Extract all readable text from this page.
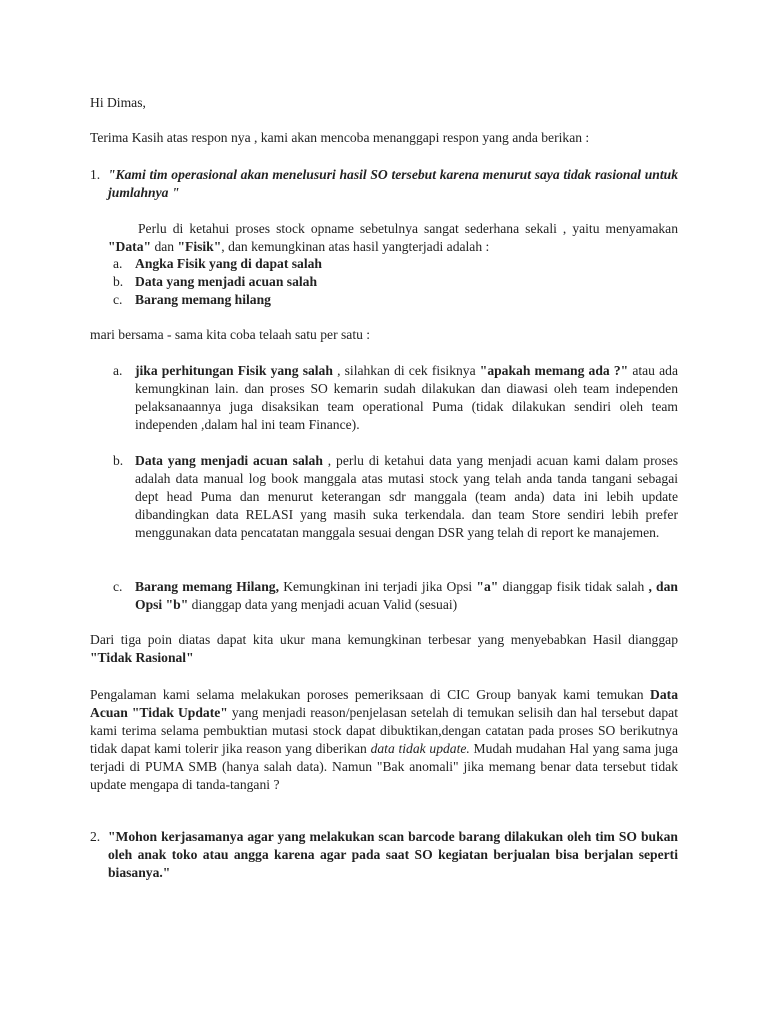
Hi Dimas,

Terima Kasih atas respon nya , kami akan mencoba menanggapi respon yang anda berikan :

1. "Kami tim operasional akan menelusuri hasil SO tersebut karena menurut saya tidak rasional untuk jumlahnya "

Perlu di ketahui proses stock opname sebetulnya sangat sederhana sekali , yaitu menyamakan "Data" dan "Fisik", dan kemungkinan atas hasil yangterjadi adalah :

a. Angka Fisik yang di dapat salah
b. Data yang menjadi acuan salah
c. Barang memang hilang

mari bersama - sama kita coba telaah satu per satu :

a. jika perhitungan Fisik yang salah , silahkan di cek fisiknya "apakah memang ada ?" atau ada kemungkinan lain. dan proses SO kemarin sudah dilakukan dan diawasi oleh team independen pelaksanaannya juga disaksikan team operational Puma (tidak dilakukan sendiri oleh team independen ,dalam hal ini team Finance).

b. Data yang menjadi acuan salah , perlu di ketahui data yang menjadi acuan kami dalam proses adalah data manual log book manggala atas mutasi stock yang telah anda tanda tangani sebagai dept head Puma dan menurut keterangan sdr manggala (team anda) data ini lebih update dibandingkan data RELASI yang masih suka terkendala. dan team Store sendiri lebih prefer menggunakan data pencatatan manggala sesuai dengan DSR yang telah di report ke manajemen.

c. Barang memang Hilang, Kemungkinan ini terjadi jika Opsi "a" dianggap fisik tidak salah , dan Opsi "b" dianggap data yang menjadi acuan Valid (sesuai)

Dari tiga poin diatas dapat kita ukur mana kemungkinan terbesar yang menyebabkan Hasil dianggap "Tidak Rasional"

Pengalaman kami selama melakukan poroses pemeriksaan di CIC Group banyak kami temukan Data Acuan "Tidak Update" yang menjadi reason/penjelasan setelah di temukan selisih dan hal tersebut dapat kami terima selama pembuktian mutasi stock dapat dibuktikan,dengan catatan pada proses SO berikutnya tidak dapat kami tolerir jika reason yang diberikan data tidak update. Mudah mudahan Hal yang sama juga terjadi di PUMA SMB (hanya salah data). Namun "Bak anomali" jika memang benar data tersebut tidak update mengapa di tanda-tangani ?

2. "Mohon kerjasamanya agar yang melakukan scan barcode barang dilakukan oleh tim SO bukan oleh anak toko atau angga karena agar pada saat SO kegiatan berjualan bisa berjalan seperti biasanya."
